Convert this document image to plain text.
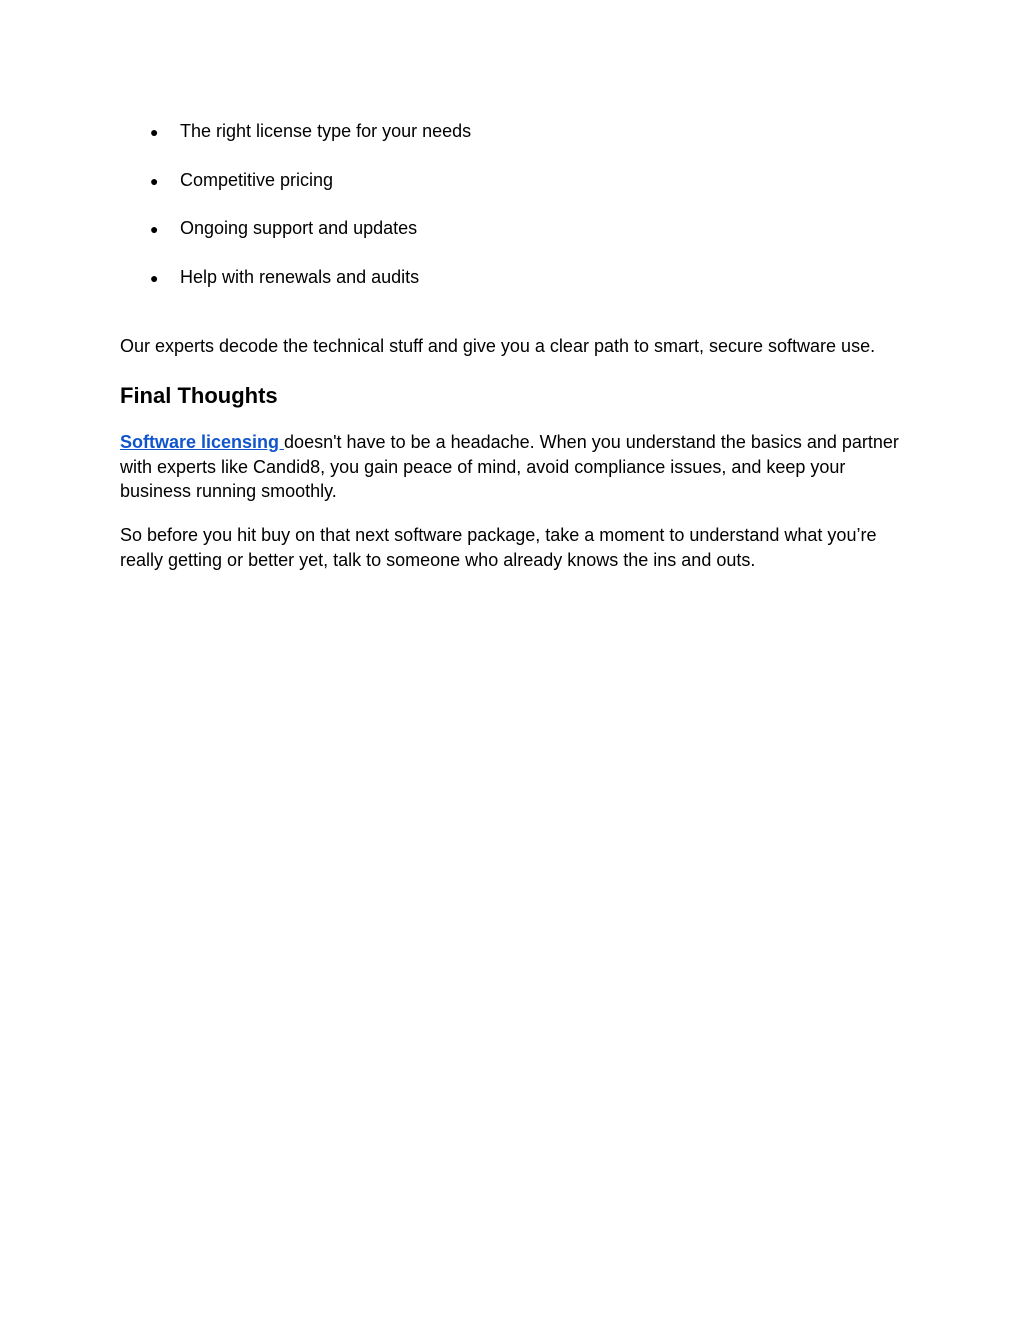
●	The right license type for your needs
●	Competitive pricing
●	Ongoing support and updates
●	Help with renewals and audits

Our experts decode the technical stuff and give you a clear path to smart, secure software use.

Final Thoughts

Software licensing doesn't have to be a headache. When you understand the basics and partner with experts like Candid8, you gain peace of mind, avoid compliance issues, and keep your business running smoothly.

So before you hit buy on that next software package, take a moment to understand what you’re really getting or better yet, talk to someone who already knows the ins and outs.
